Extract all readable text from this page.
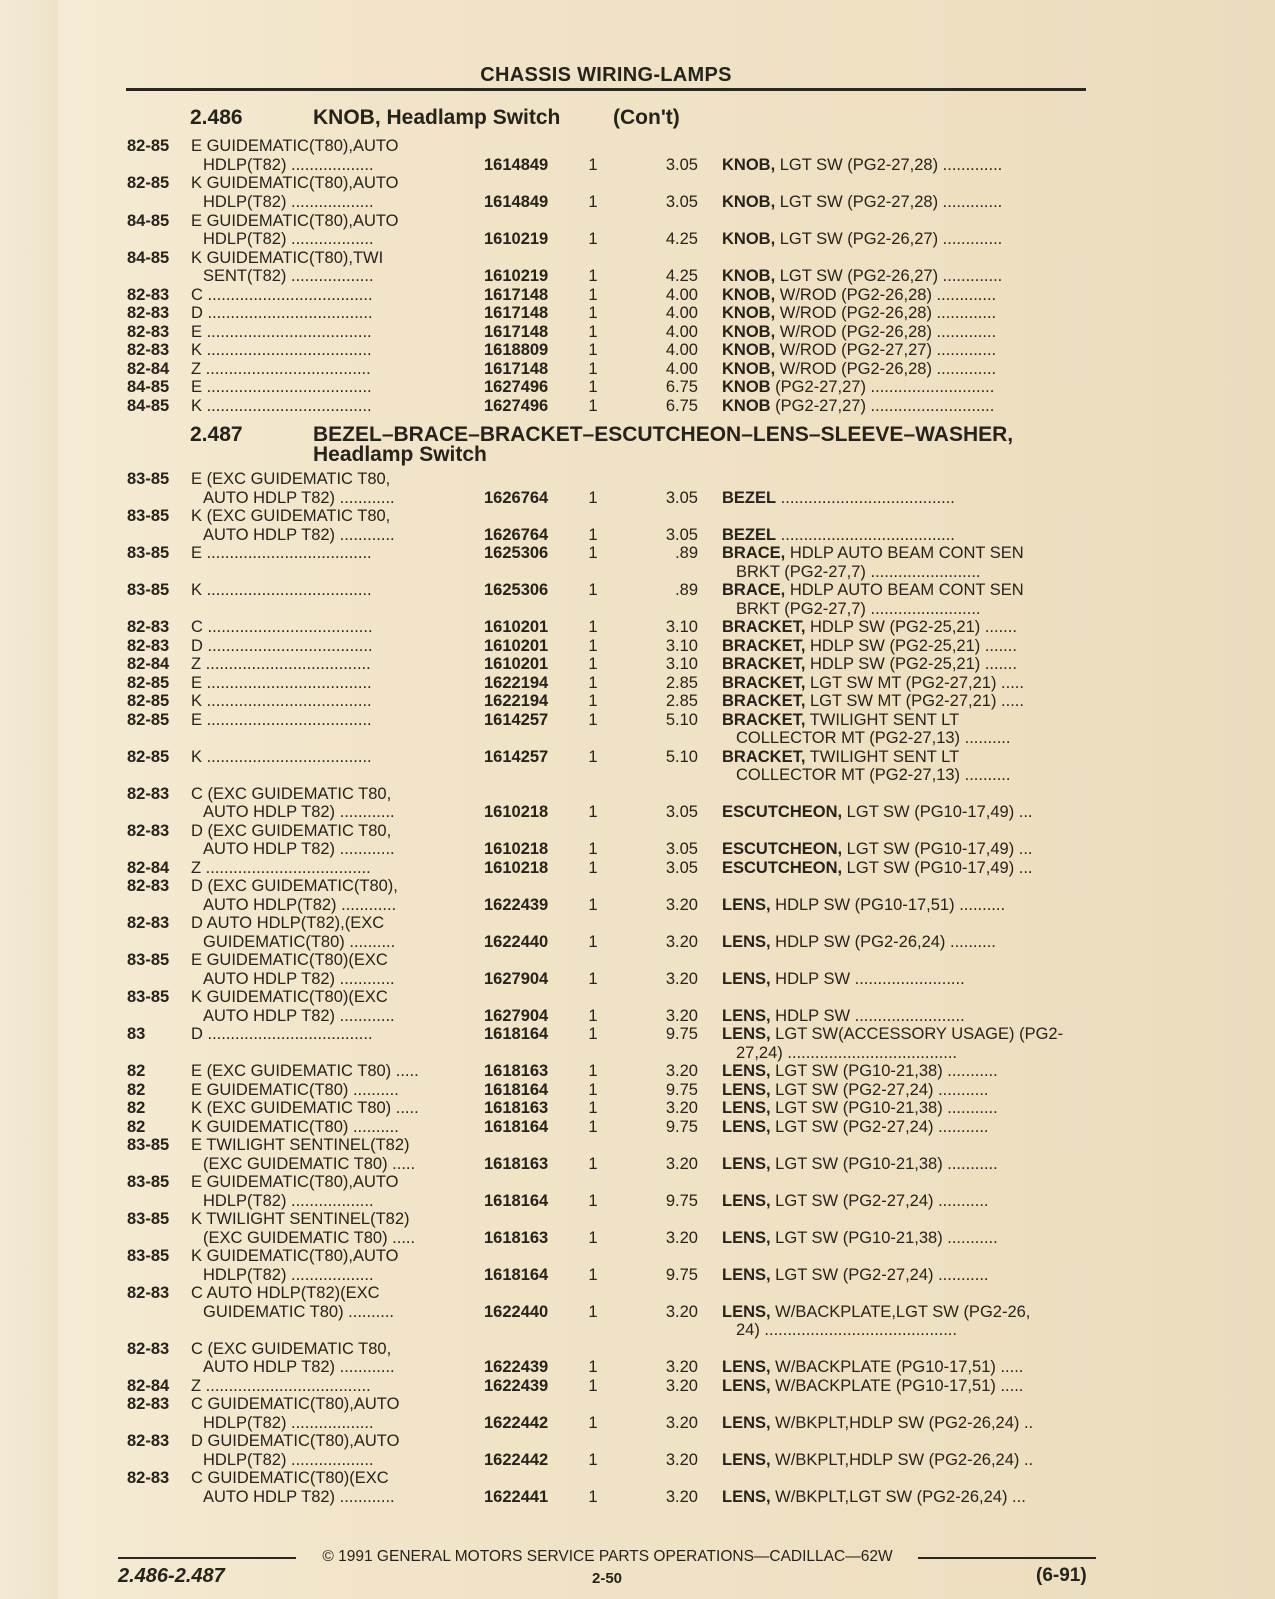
CHASSIS WIRING-LAMPS
2.486	KNOB, Headlamp Switch	(Con't)
2.487	BEZEL–BRACE–BRACKET–ESCUTCHEON–LENS–SLEEVE–WASHER,
Headlamp Switch
82-85	E GUIDEMATIC(T80),AUTO
HDLP(T82) ..................	1614849	1	3.05 KNOB, LGT SW (PG2-27,28) .............
82-85	K GUIDEMATIC(T80),AUTO
HDLP(T82) ..................	1614849	1	3.05 KNOB, LGT SW (PG2-27,28) .............
84-85	E GUIDEMATIC(T80),AUTO
HDLP(T82) ..................	1610219	1	4.25 KNOB, LGT SW (PG2-26,27) .............
84-85	K GUIDEMATIC(T80),TWI
SENT(T82) ..................	1610219	1	4.25 KNOB, LGT SW (PG2-26,27) .............
82-83	C ....................................	1617148	1	4.00 KNOB, W/ROD (PG2-26,28) .............
82-83	D ....................................	1617148	1	4.00 KNOB, W/ROD (PG2-26,28) .............
82-83	E ....................................	1617148	1	4.00 KNOB, W/ROD (PG2-26,28) .............
82-83	K ....................................	1618809	1	4.00 KNOB, W/ROD (PG2-27,27) .............
82-84	Z ....................................	1617148	1	4.00 KNOB, W/ROD (PG2-26,28) .............
84-85	E ....................................	1627496	1	6.75 KNOB (PG2-27,27) ...........................
84-85	K ....................................	1627496	1	6.75 KNOB (PG2-27,27) ...........................
83-85	E (EXC GUIDEMATIC T80,
AUTO HDLP T82) ............	1626764	1	3.05 BEZEL ......................................
83-85	K (EXC GUIDEMATIC T80,
AUTO HDLP T82) ............	1626764	1	3.05 BEZEL ......................................
83-85	E ....................................	1625306	1	.89 BRACE, HDLP AUTO BEAM CONT SEN
BRKT (PG2-27,7) ........................
83-85	K ....................................	1625306	1	.89 BRACE, HDLP AUTO BEAM CONT SEN
BRKT (PG2-27,7) ........................
82-83	C ....................................	1610201	1	3.10 BRACKET, HDLP SW (PG2-25,21) .......
82-83	D ....................................	1610201	1	3.10 BRACKET, HDLP SW (PG2-25,21) .......
82-84	Z ....................................	1610201	1	3.10 BRACKET, HDLP SW (PG2-25,21) .......
82-85	E ....................................	1622194	1	2.85 BRACKET, LGT SW MT (PG2-27,21) .....
82-85	K ....................................	1622194	1	2.85 BRACKET, LGT SW MT (PG2-27,21) .....
82-85	E ....................................	1614257	1	5.10 BRACKET, TWILIGHT SENT LT
COLLECTOR MT (PG2-27,13) ..........
82-85	K ....................................	1614257	1	5.10 BRACKET, TWILIGHT SENT LT
COLLECTOR MT (PG2-27,13) ..........
82-83	C (EXC GUIDEMATIC T80,
AUTO HDLP T82) ............	1610218	1	3.05 ESCUTCHEON, LGT SW (PG10-17,49) ...
82-83	D (EXC GUIDEMATIC T80,
AUTO HDLP T82) ............	1610218	1	3.05 ESCUTCHEON, LGT SW (PG10-17,49) ...
82-84	Z ....................................	1610218	1	3.05 ESCUTCHEON, LGT SW (PG10-17,49) ...
82-83	D (EXC GUIDEMATIC(T80),
AUTO HDLP(T82) ............	1622439	1	3.20 LENS, HDLP SW (PG10-17,51) ..........
82-83	D AUTO HDLP(T82),(EXC
GUIDEMATIC(T80) ..........	1622440	1	3.20 LENS, HDLP SW (PG2-26,24) ..........
83-85	E GUIDEMATIC(T80)(EXC
AUTO HDLP T82) ............	1627904	1	3.20 LENS, HDLP SW ........................
83-85	K GUIDEMATIC(T80)(EXC
AUTO HDLP T82) ............	1627904	1	3.20 LENS, HDLP SW ........................
83	D ....................................	1618164	1	9.75 LENS, LGT SW(ACCESSORY USAGE) (PG2-
27,24) .....................................
82	E (EXC GUIDEMATIC T80) .....	1618163	1	3.20 LENS, LGT SW (PG10-21,38) ...........
82	E GUIDEMATIC(T80) ..........	1618164	1	9.75 LENS, LGT SW (PG2-27,24) ...........
82	K (EXC GUIDEMATIC T80) .....	1618163	1	3.20 LENS, LGT SW (PG10-21,38) ...........
82	K GUIDEMATIC(T80) ..........	1618164	1	9.75 LENS, LGT SW (PG2-27,24) ...........
83-85	E TWILIGHT SENTINEL(T82)
(EXC GUIDEMATIC T80) .....	1618163	1	3.20 LENS, LGT SW (PG10-21,38) ...........
83-85	E GUIDEMATIC(T80),AUTO
HDLP(T82) ..................	1618164	1	9.75 LENS, LGT SW (PG2-27,24) ...........
83-85	K TWILIGHT SENTINEL(T82)
(EXC GUIDEMATIC T80) .....	1618163	1	3.20 LENS, LGT SW (PG10-21,38) ...........
83-85	K GUIDEMATIC(T80),AUTO
HDLP(T82) ..................	1618164	1	9.75 LENS, LGT SW (PG2-27,24) ...........
82-83	C AUTO HDLP(T82)(EXC
GUIDEMATIC T80) ..........	1622440	1	3.20 LENS, W/BACKPLATE,LGT SW (PG2-26,
24) ..........................................
82-83	C (EXC GUIDEMATIC T80,
AUTO HDLP T82) ............	1622439	1	3.20 LENS, W/BACKPLATE (PG10-17,51) .....
82-84	Z ....................................	1622439	1	3.20 LENS, W/BACKPLATE (PG10-17,51) .....
82-83	C GUIDEMATIC(T80),AUTO
HDLP(T82) ..................	1622442	1	3.20 LENS, W/BKPLT,HDLP SW (PG2-26,24) ..
82-83	D GUIDEMATIC(T80),AUTO
HDLP(T82) ..................	1622442	1	3.20 LENS, W/BKPLT,HDLP SW (PG2-26,24) ..
82-83	C GUIDEMATIC(T80)(EXC
AUTO HDLP T82) ............	1622441	1	3.20 LENS, W/BKPLT,LGT SW (PG2-26,24) ...
© 1991 GENERAL MOTORS SERVICE PARTS OPERATIONS—CADILLAC—62W
2.486-2.487	2-50	(6-91)
